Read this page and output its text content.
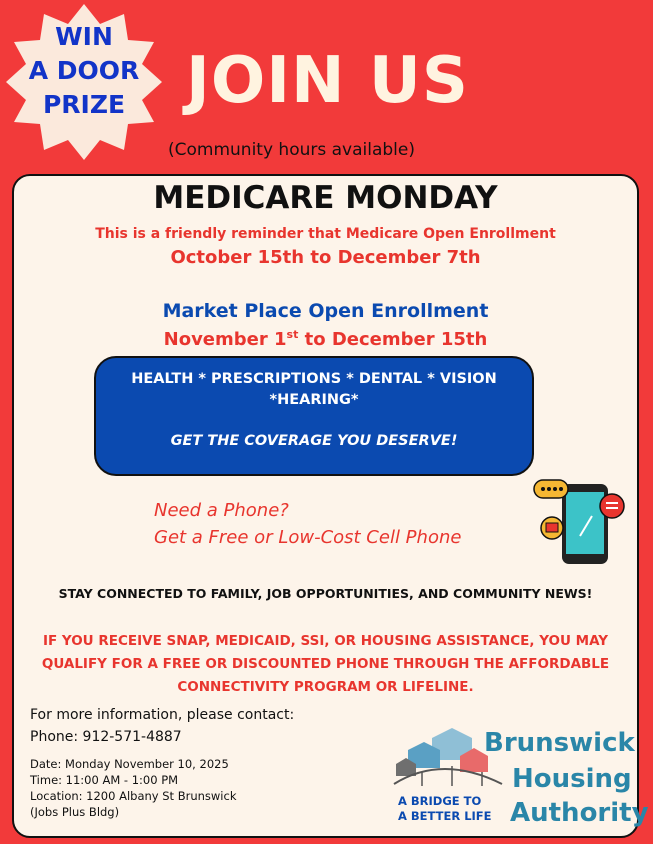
WIN
A DOOR
PRIZE JOIN US
(Community hours available)
MEDICARE MONDAY
This is a friendly reminder that Medicare Open Enrollment
October 15th to December 7th
Market Place Open Enrollment
November 1st to December 15th
HEALTH * PRESCRIPTIONS * DENTAL * VISION
*HEARING*
GET THE COVERAGE YOU DESERVE!
Need a Phone?
Get a Free or Low-Cost Cell Phone
STAY CONNECTED TO FAMILY, JOB OPPORTUNITIES, AND COMMUNITY NEWS!
IF YOU RECEIVE SNAP, MEDICAID, SSI, OR HOUSING ASSISTANCE, YOU MAY
QUALIFY FOR A FREE OR DISCOUNTED PHONE THROUGH THE AFFORDABLE
CONNECTIVITY PROGRAM OR LIFELINE.
For more information, please contact:
Phone: 912-571-4887
Date: Monday November 10, 2025
Time: 11:00 AM - 1:00 PM
Location: 1200 Albany St Brunswick
(Jobs Plus Bldg)
A BRIDGE TO
A BETTER LIFE
Brunswick
Housing
Authority
